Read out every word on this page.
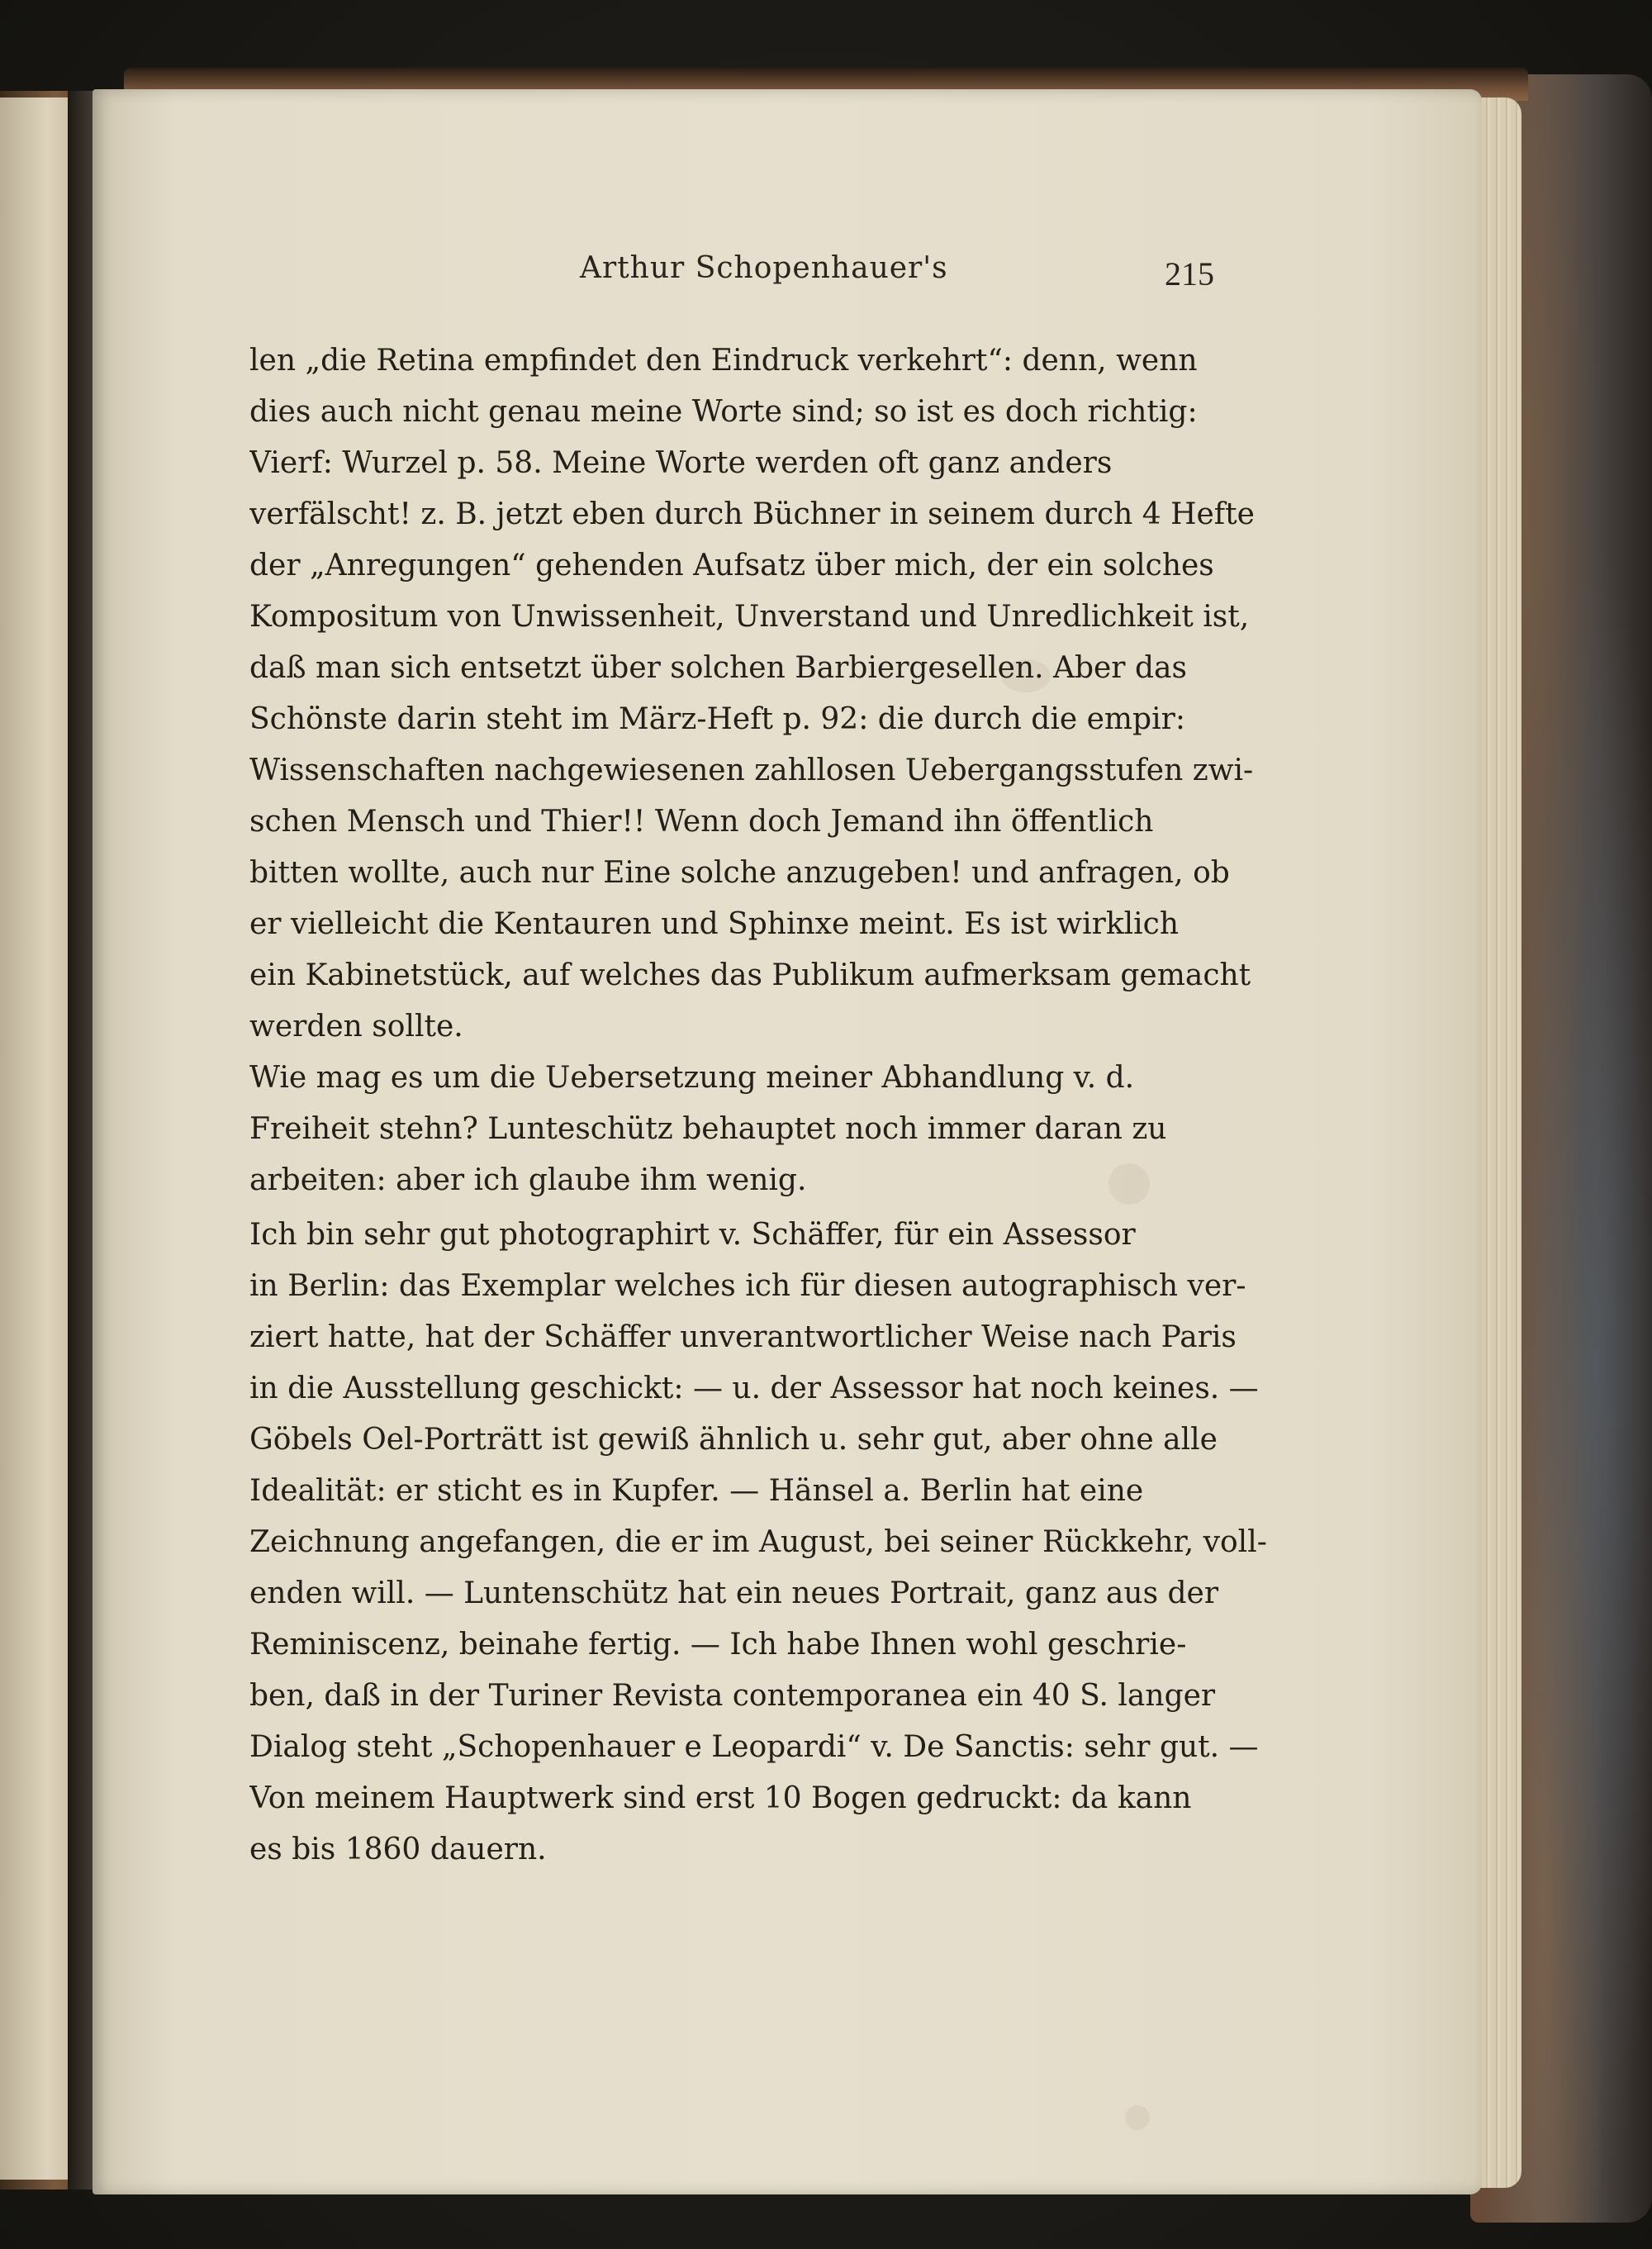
Arthur Schopenhauer's	215
len „die Retina empfindet den Eindruck verkehrt“: denn, wenn
dies auch nicht genau meine Worte sind; so ist es doch richtig:
Vierf: Wurzel p. 58. Meine Worte werden oft ganz anders
verfälscht! z. B. jetzt eben durch Büchner in seinem durch 4 Hefte
der „Anregungen“ gehenden Aufsatz über mich, der ein solches
Kompositum von Unwissenheit, Unverstand und Unredlichkeit ist,
daß man sich entsetzt über solchen Barbiergesellen. Aber das
Schönste darin steht im März-Heft p. 92: die durch die empir:
Wissenschaften nachgewiesenen zahllosen Uebergangsstufen zwi-
schen Mensch und Thier!! Wenn doch Jemand ihn öffentlich
bitten wollte, auch nur Eine solche anzugeben! und anfragen, ob
er vielleicht die Kentauren und Sphinxe meint. Es ist wirklich
ein Kabinetstück, auf welches das Publikum aufmerksam gemacht
werden sollte.
Wie mag es um die Uebersetzung meiner Abhandlung v. d.
Freiheit stehn? Lunteschütz behauptet noch immer daran zu
arbeiten: aber ich glaube ihm wenig.
Ich bin sehr gut photographirt v. Schäffer, für ein Assessor
in Berlin: das Exemplar welches ich für diesen autographisch ver-
ziert hatte, hat der Schäffer unverantwortlicher Weise nach Paris
in die Ausstellung geschickt: — u. der Assessor hat noch keines. —
Göbels Oel-Porträtt ist gewiß ähnlich u. sehr gut, aber ohne alle
Idealität: er sticht es in Kupfer. — Hänsel a. Berlin hat eine
Zeichnung angefangen, die er im August, bei seiner Rückkehr, voll-
enden will. — Luntenschütz hat ein neues Portrait, ganz aus der
Reminiscenz, beinahe fertig. — Ich habe Ihnen wohl geschrie-
ben, daß in der Turiner Revista contemporanea ein 40 S. langer
Dialog steht „Schopenhauer e Leopardi“ v. De Sanctis: sehr gut. —
Von meinem Hauptwerk sind erst 10 Bogen gedruckt: da kann
es bis 1860 dauern.
